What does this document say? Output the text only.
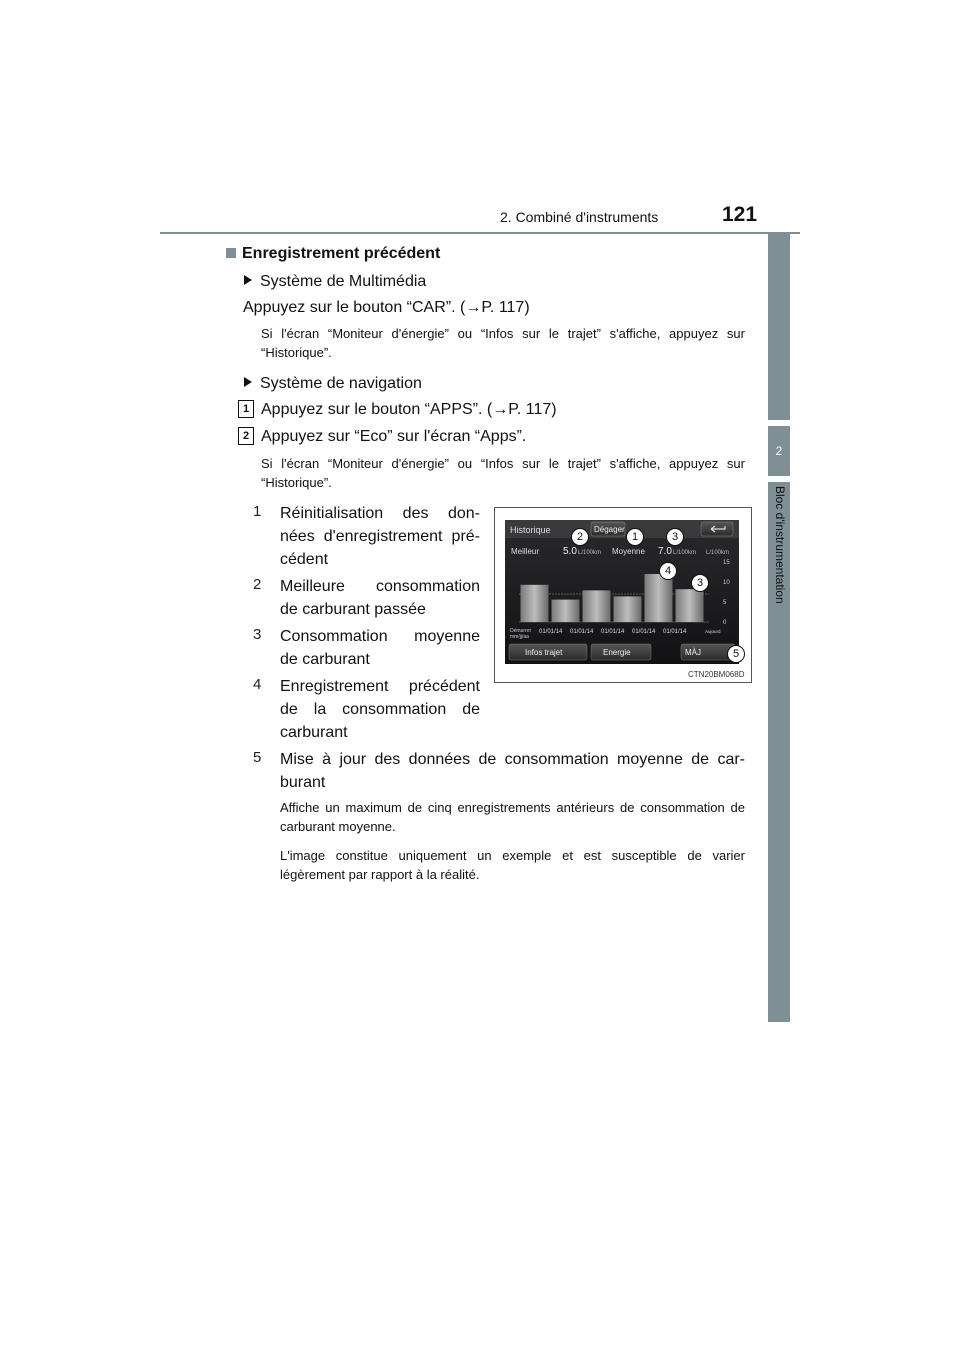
2. Combiné d'instruments	121
2
Bloc d'instrumentation
Enregistrement précédent
Système de Multimédia
Appuyez sur le bouton “CAR”. (→P. 117)
Si l'écran “Moniteur d'énergie” ou “Infos sur le trajet” s'affiche, appuyez sur “Historique”.
Système de navigation
1 Appuyez sur le bouton “APPS”. (→P. 117)
2 Appuyez sur “Eco” sur l'écran “Apps”.
Si l'écran “Moniteur d'énergie” ou “Infos sur le trajet” s'affiche, appuyez sur “Historique”.
1 Réinitialisation des don-
nées d'enregistrement pré-
cédent
2 Meilleure consommation
de carburant passée
3 Consommation moyenne
de carburant
4 Enregistrement précédent
de la consommation de
carburant
5 Mise à jour des données de consommation moyenne de car-
burant
Affiche un maximum de cinq enregistrements antérieurs de consommation de carburant moyenne.
L'image constitue uniquement un exemple et est susceptible de varier légèrement par rapport à la réalité.
Historique	Dégager
Meilleur 5.0 L/100km Moyenne 7.0 L/100km L/100km
0
5
10
15
Démarrer
mm/jj/aa
01/01/14 01/01/14 01/01/14 01/01/14 01/01/14	Aujourd
Infos trajet	Energie	MÀJ
2	1	3
4
3
5
CTN20BM068D
